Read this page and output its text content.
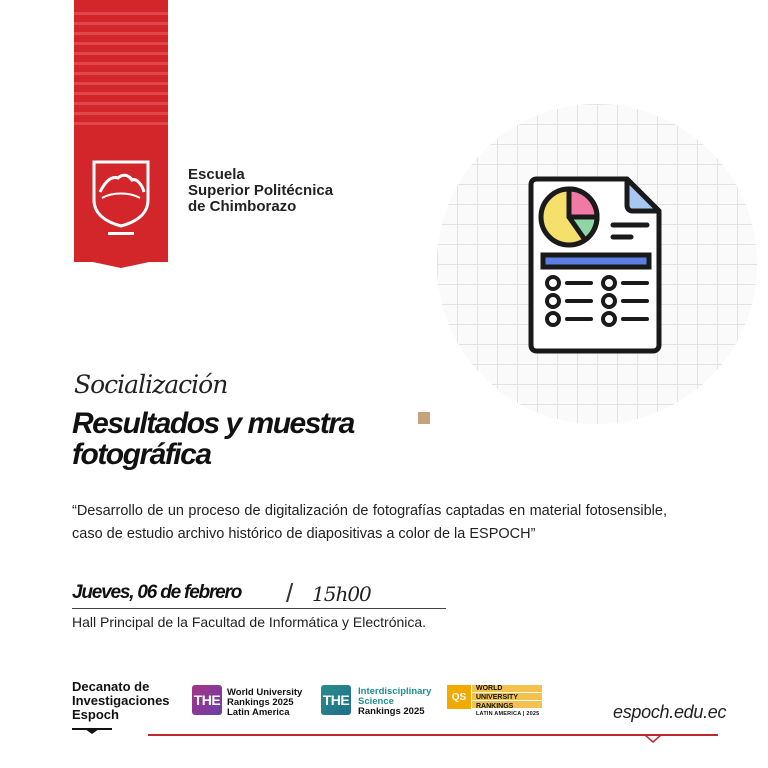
Escuela
Superior Politécnica
de Chimborazo
Socialización
Resultados y muestra
fotográfica
“Desarrollo de un proceso de digitalización de fotografías captadas en material fotosensible, caso de estudio archivo histórico de diapositivas a color de la ESPOCH”
Jueves, 06 de febrero / 15h00
Hall Principal de la Facultad de Informática y Electrónica.
Decanato de
Investigaciones
Espoch
THE World University
Rankings 2025
Latin America
THE
Interdisciplinary
Science
Rankings 2025
QS
WORLD
UNIVERSITY
RANKINGS
LATIN AMERICA | 2025	espoch.edu.ec
